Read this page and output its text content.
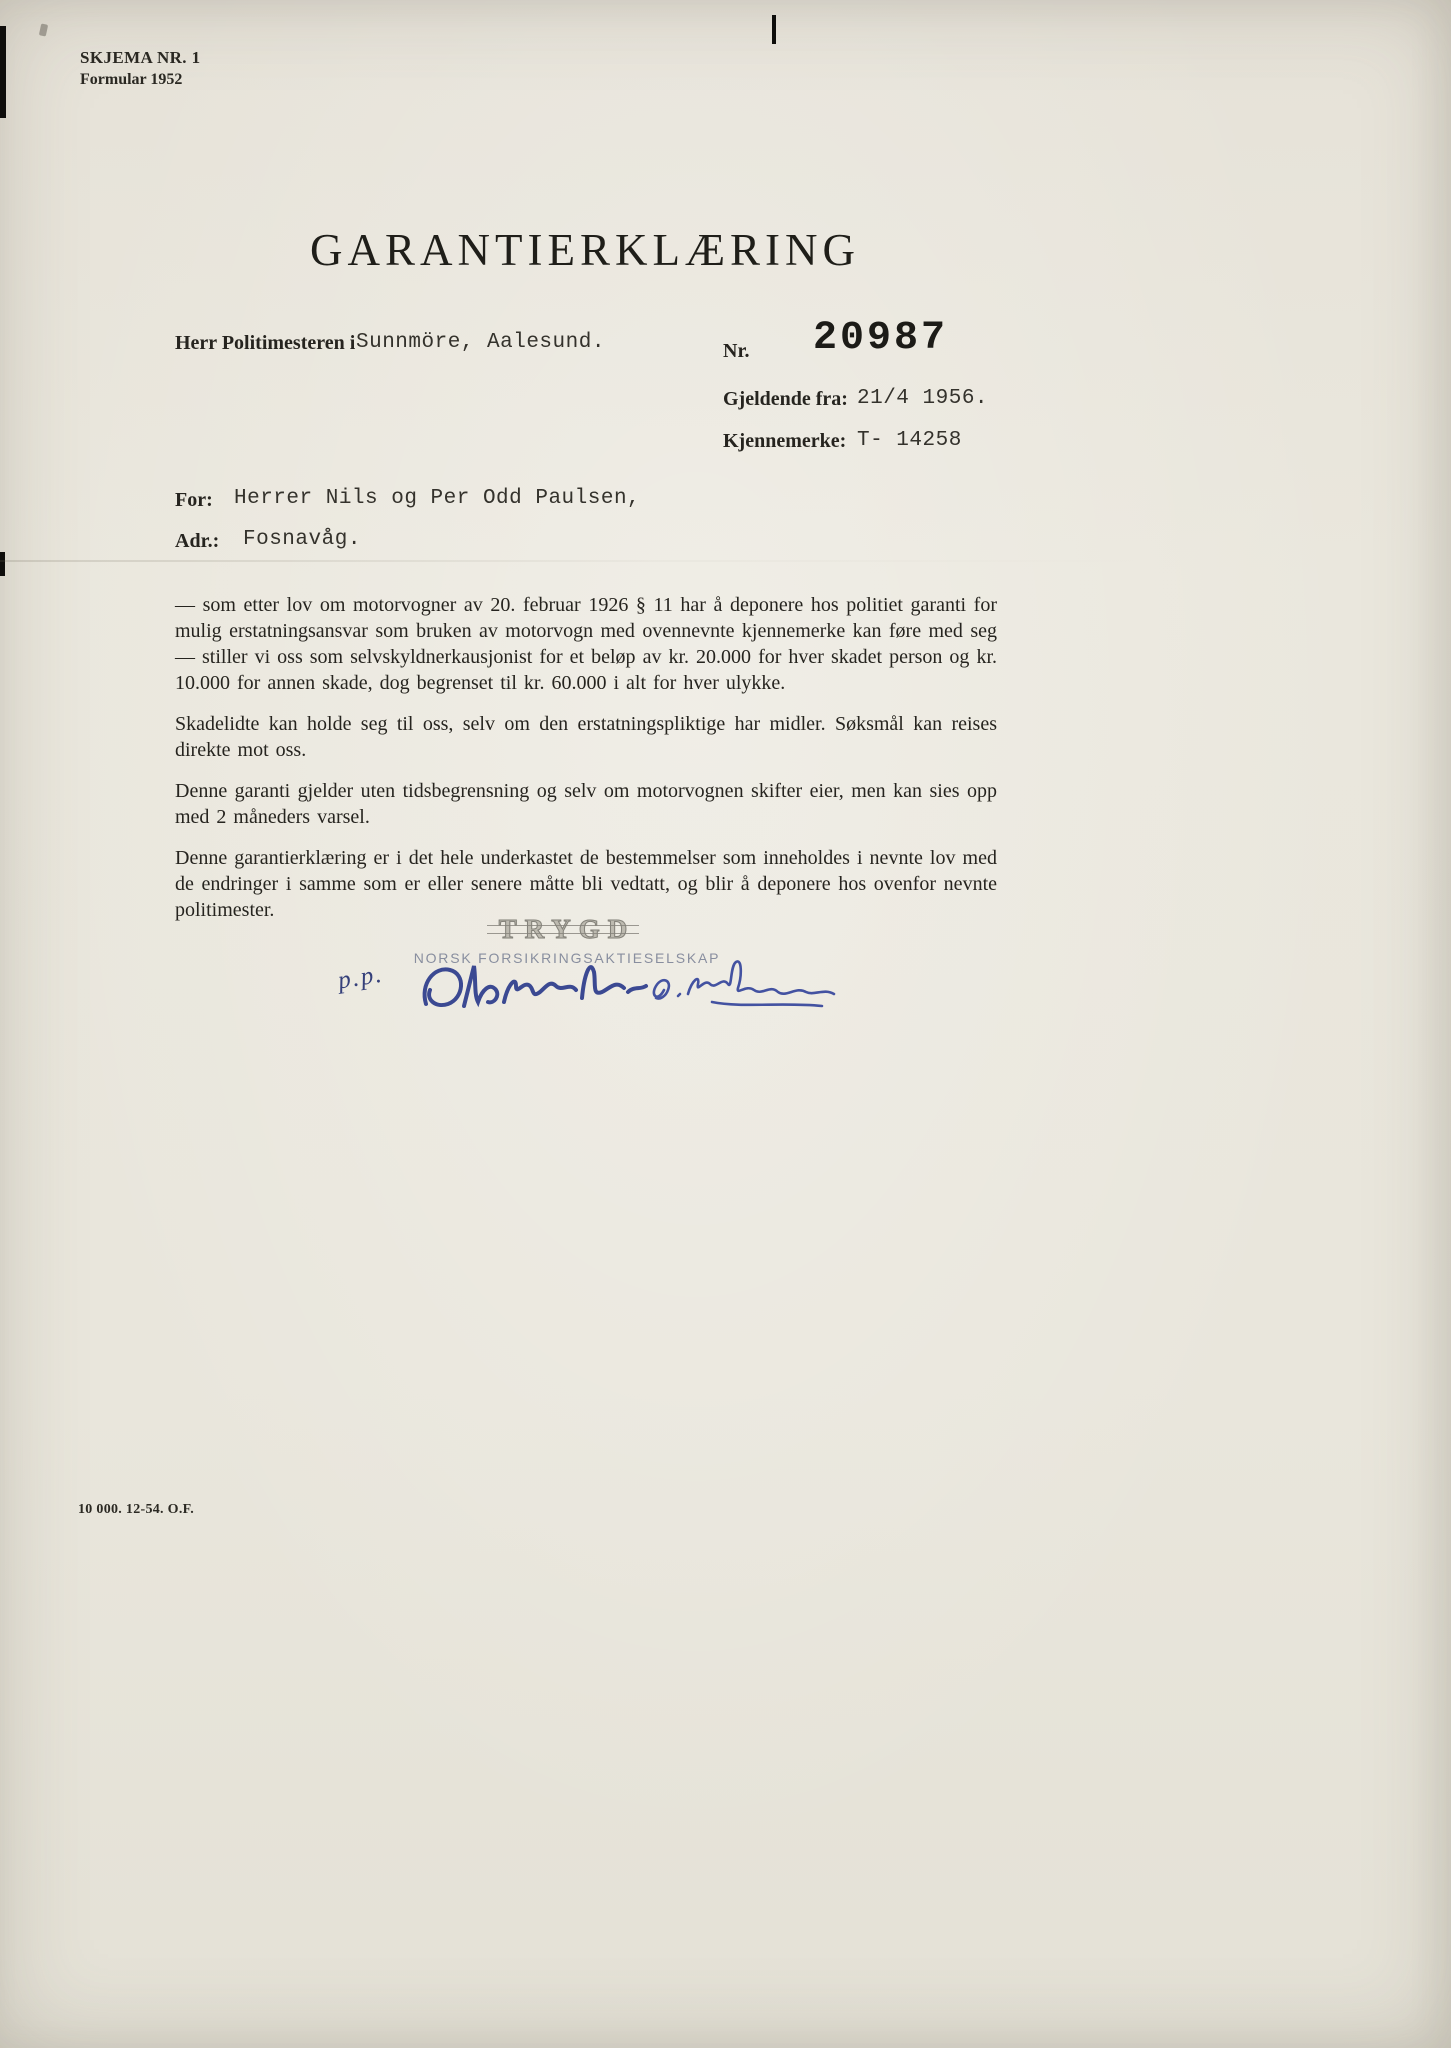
SKJEMA NR. 1
Formular 1952
GARANTIERKLÆRING
Herr Politimesteren i Sunnmöre, Aalesund.	Nr. 20987
Gjeldende fra: 21/4 1956.
Kjennemerke: T- 14258
For: Herrer Nils og Per Odd Paulsen,
Adr.: Fosnavåg.

— som etter lov om motorvogner av 20. februar 1926 § 11 har å deponere hos politiet garanti for mulig erstatningsansvar som bruken av motorvogn med ovennevnte kjennemerke kan føre med seg — stiller vi oss som selvskyldnerkausjonist for et beløp av kr. 20.000 for hver skadet person og kr. 10.000 for annen skade, dog begrenset til kr. 60.000 i alt for hver ulykke.

Skadelidte kan holde seg til oss, selv om den erstatningspliktige har midler. Søksmål kan reises direkte mot oss.

Denne garanti gjelder uten tidsbegrensning og selv om motorvognen skifter eier, men kan sies opp med 2 måneders varsel.

Denne garantierklæring er i det hele underkastet de bestemmelser som inneholdes i nevnte lov med de endringer i samme som er eller senere måtte bli vedtatt, og blir å deponere hos ovenfor nevnte politimester.

TRYGD
NORSK FORSIKRINGSAKTIESELSKAP
p.p.
10 000. 12-54. O.F.
